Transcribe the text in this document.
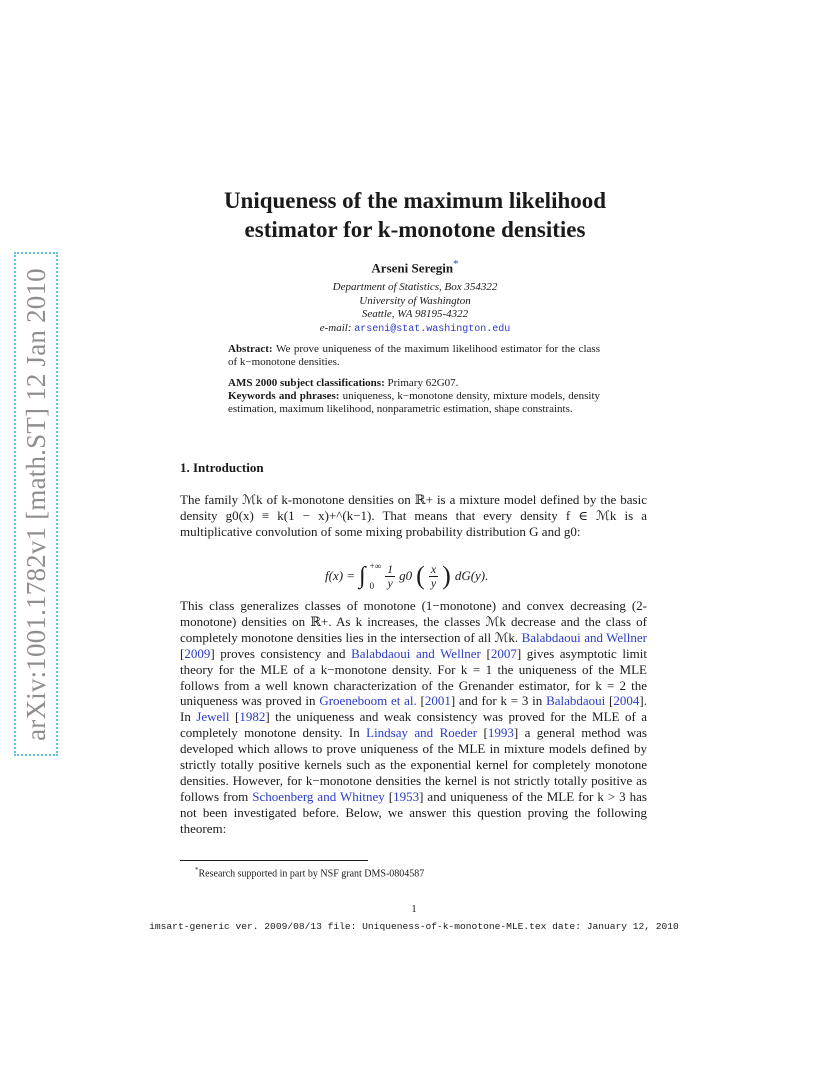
arXiv:1001.1782v1 [math.ST] 12 Jan 2010
Uniqueness of the maximum likelihood
estimator for k-monotone densities
Arseni Seregin*
Department of Statistics, Box 354322
University of Washington
Seattle, WA 98195-4322
e-mail: arseni@stat.washington.edu
Abstract: We prove uniqueness of the maximum likelihood estimator for the class of k−monotone densities.

AMS 2000 subject classifications: Primary 62G07.

Keywords and phrases: uniqueness, k−monotone density, mixture models, density estimation, maximum likelihood, nonparametric estimation, shape constraints.

1. Introduction
The family ℳk of k-monotone densities on ℝ+ is a mixture model defined by the basic density g0(x) ≡ k(1 − x)+^(k−1). That means that every density f ∈ ℳk is a multiplicative convolution of some mixing probability distribution G and g0:
f(x) = ∫ +∞
$0 \frac{1}{y} g0$ ( $\frac{x}{y}$ ) dG(y).
This class generalizes classes of monotone (1−monotone) and convex decreasing (2-monotone) densities on ℝ+. As k increases, the classes ℳk decrease and the class of completely monotone densities lies in the intersection of all ℳk. Balabdaoui and Wellner [2009] proves consistency and Balabdaoui and Wellner [2007] gives asymptotic limit theory for the MLE of a k−monotone density. For k = 1 the uniqueness of the MLE follows from a well known characterization of the Grenander estimator, for k = 2 the uniqueness was proved in Groeneboom et al. [2001] and for k = 3 in Balabdaoui [2004]. In Jewell [1982] the uniqueness and weak consistency was proved for the MLE of a completely monotone density. In Lindsay and Roeder [1993] a general method was developed which allows to prove uniqueness of the MLE in mixture models defined by strictly totally positive kernels such as the exponential kernel for completely monotone densities. However, for k−monotone densities the kernel is not strictly totally positive as follows from Schoenberg and Whitney [1953] and uniqueness of the MLE for k > 3 has not been investigated before. Below, we answer this question proving the following theorem:
*Research supported in part by NSF grant DMS-0804587
1
imsart-generic ver. 2009/08/13 file: Uniqueness-of-k-monotone-MLE.tex date: January 12, 2010
